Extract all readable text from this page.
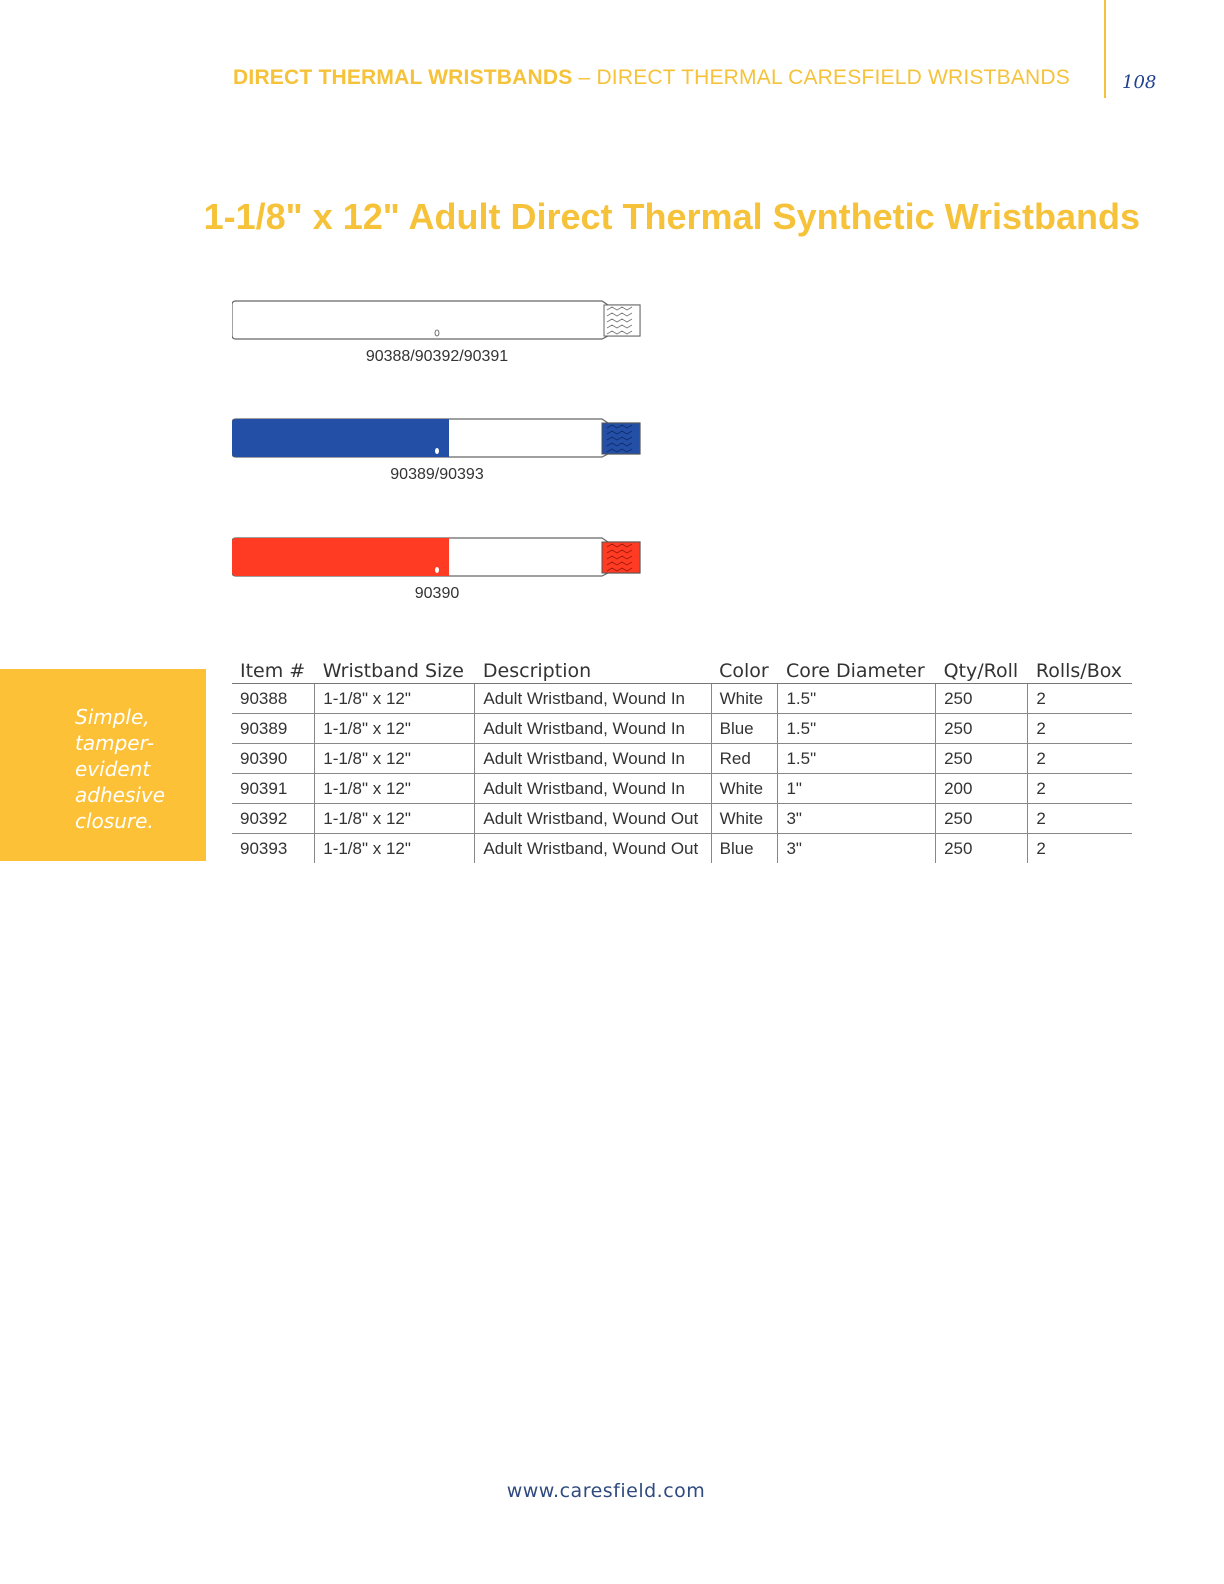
DIRECT THERMAL WRISTBANDS – DIRECT THERMAL CARESFIELD WRISTBANDS	108
1-1/8" x 12" Adult Direct Thermal Synthetic Wristbands
90388/90392/90391
90389/90393
90390
Simple, tamper-evident adhesive closure.
Item #	Wristband Size	Description	Color	Core Diameter	Qty/Roll	Rolls/Box
90388	1-1/8" x 12"	Adult Wristband, Wound In	White	1.5"	250	2
90389	1-1/8" x 12"	Adult Wristband, Wound In	Blue	1.5"	250	2
90390	1-1/8" x 12"	Adult Wristband, Wound In	Red	1.5"	250	2
90391	1-1/8" x 12"	Adult Wristband, Wound In	White	1"	200	2
90392	1-1/8" x 12"	Adult Wristband, Wound Out	White	3"	250	2
90393	1-1/8" x 12"	Adult Wristband, Wound Out	Blue	3"	250	2
www.caresfield.com
